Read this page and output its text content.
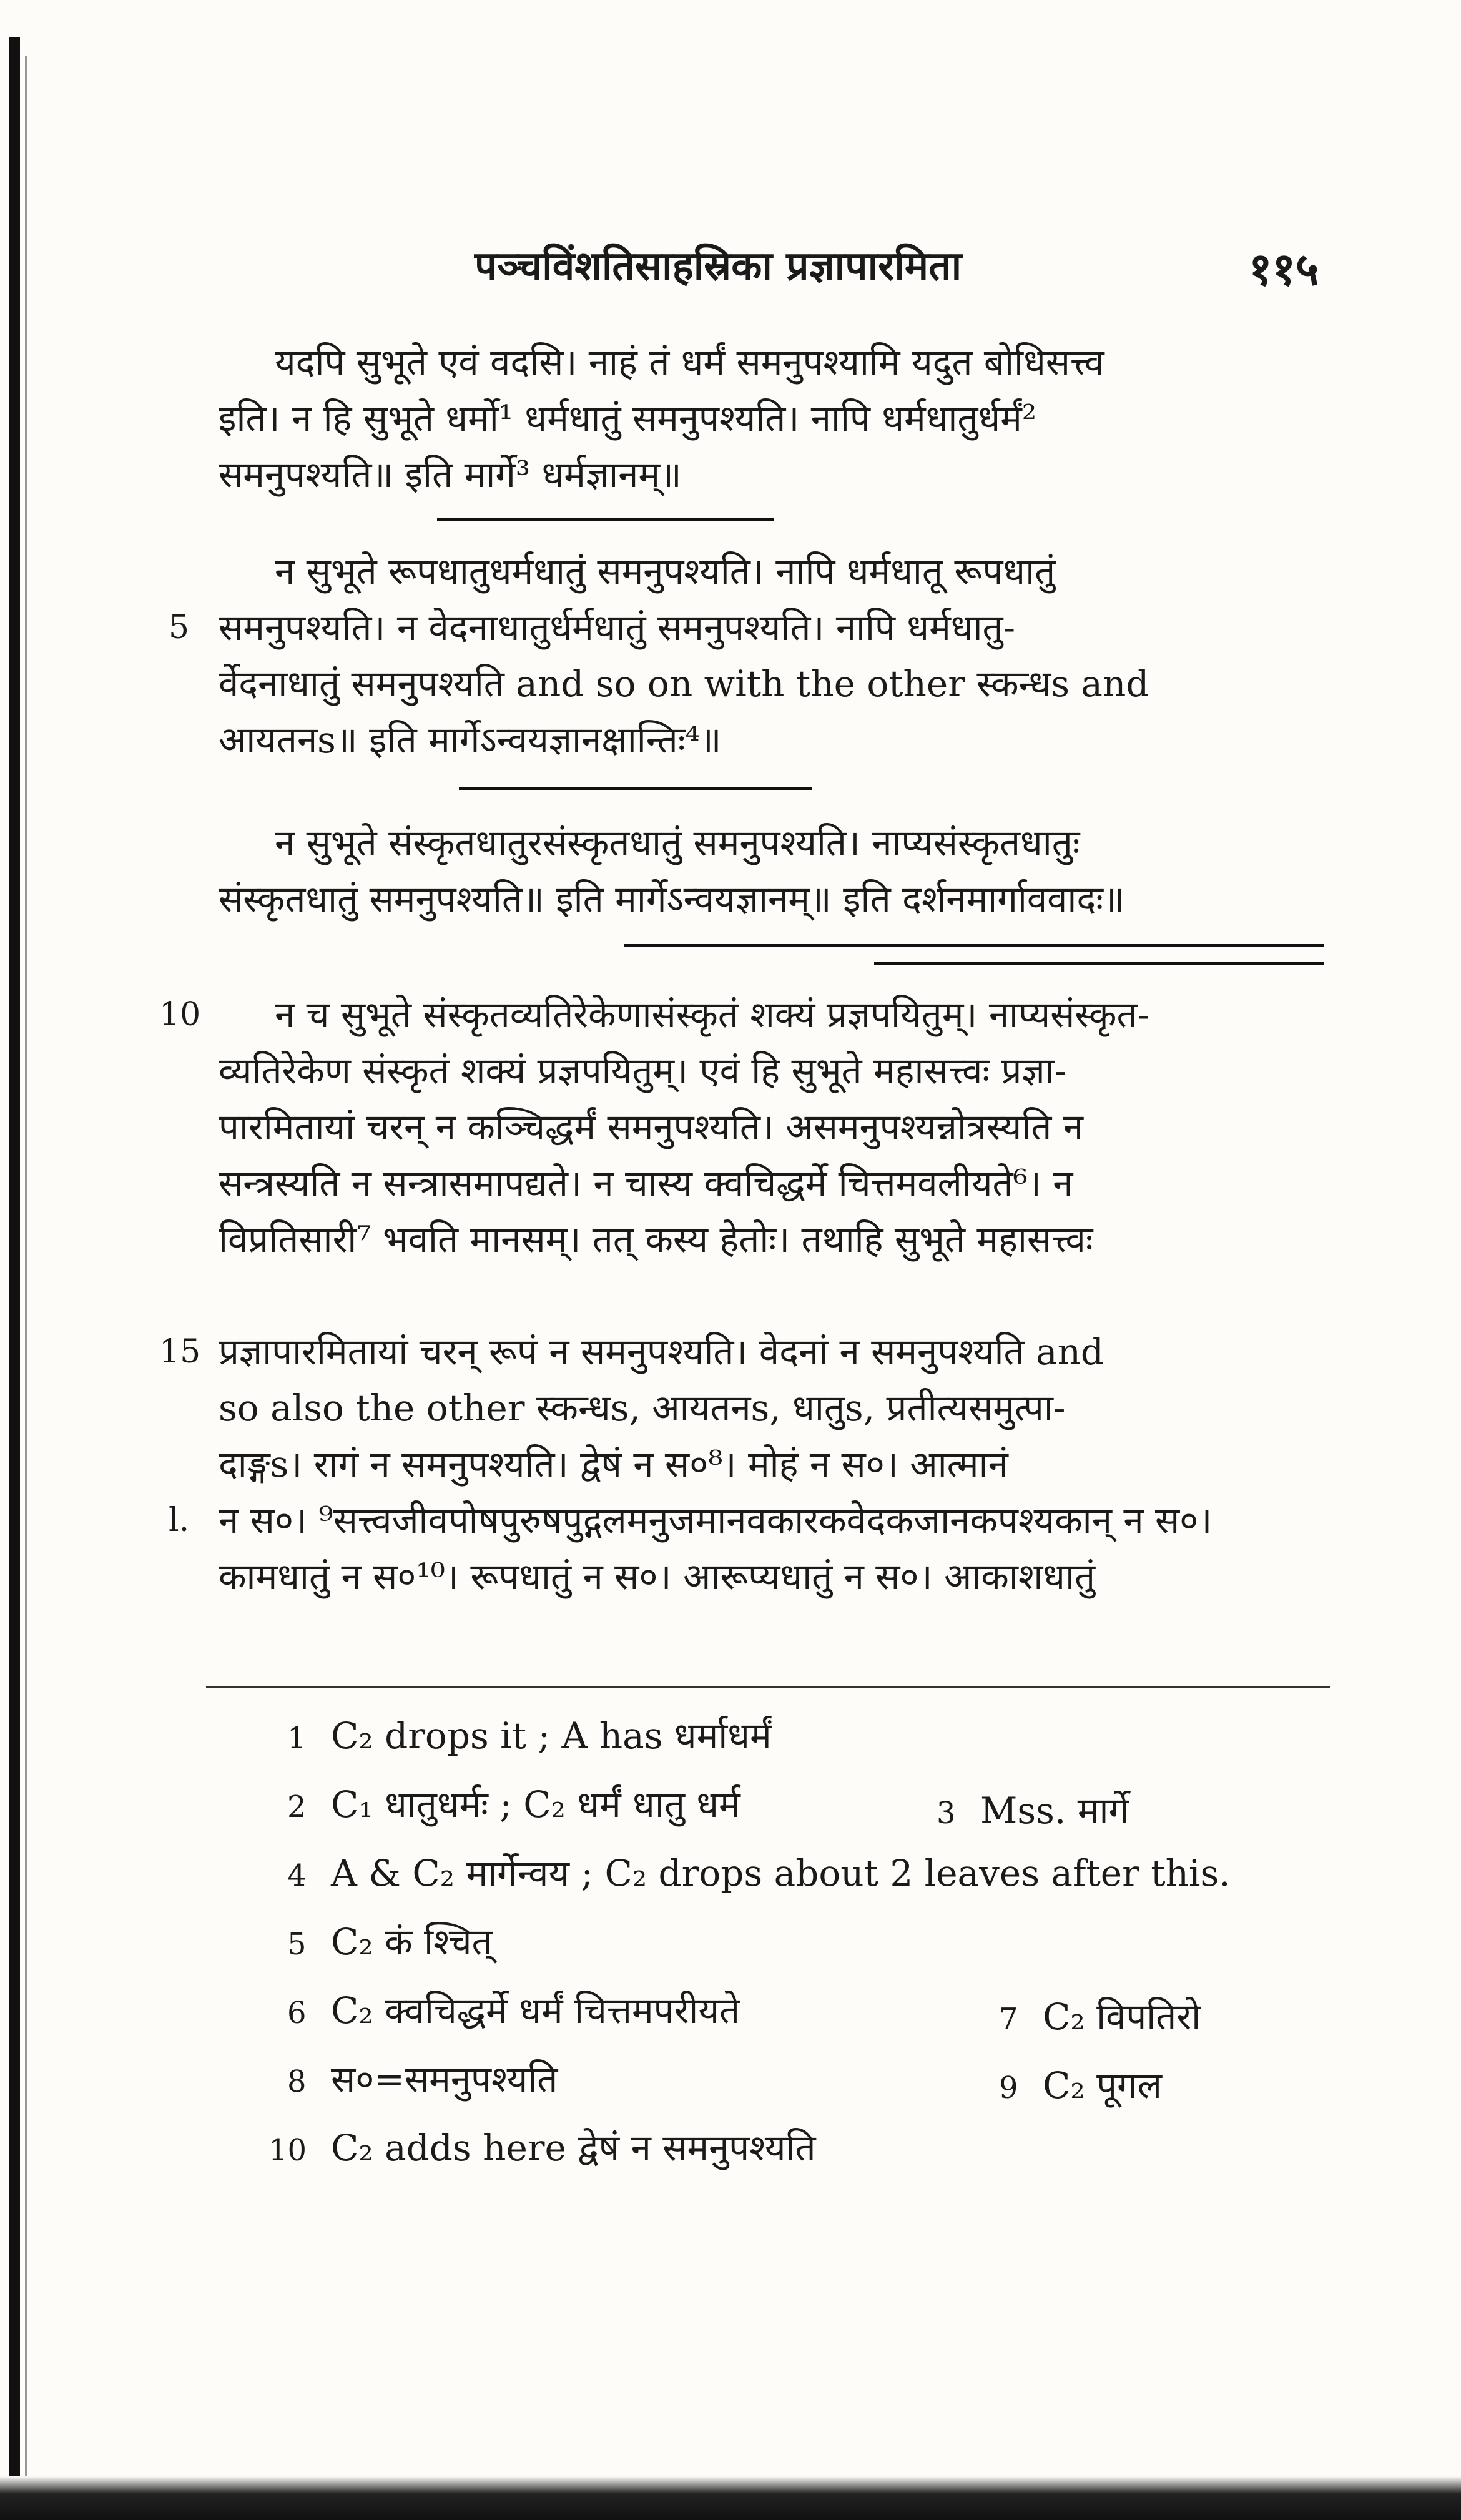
पञ्चविंशतिसाहस्रिका प्रज्ञापारमिता	११५
यदपि सुभूते एवं वदसि। नाहं तं धर्मं समनुपश्यामि यदुत बोधिसत्त्व
इति। न हि सुभूते धर्मो¹ धर्मधातुं समनुपश्यति। नापि धर्मधातुर्धर्मं²
समनुपश्यति॥ इति मार्गे³ धर्मज्ञानम्॥
न सुभूते रूपधातुधर्मधातुं समनुपश्यति। नापि धर्मधातू रूपधातुं
5 समनुपश्यति। न वेदनाधातुर्धर्मधातुं समनुपश्यति। नापि धर्मधातु-
र्वेदनाधातुं समनुपश्यति and so on with the other स्कन्धs and
आयतनs॥ इति मार्गेऽन्वयज्ञानक्षान्तिः⁴॥
न सुभूते संस्कृतधातुरसंस्कृतधातुं समनुपश्यति। नाप्यसंस्कृतधातुः
संस्कृतधातुं समनुपश्यति॥ इति मार्गेऽन्वयज्ञानम्॥ इति दर्शनमार्गाववादः॥
10 न च सुभूते संस्कृतव्यतिरेकेणासंस्कृतं शक्यं प्रज्ञपयितुम्। नाप्यसंस्कृत-
व्यतिरेकेण संस्कृतं शक्यं प्रज्ञपयितुम्। एवं हि सुभूते महासत्त्वः प्रज्ञा-
पारमितायां चरन् न कञ्चिद्धर्मं समनुपश्यति। असमनुपश्यन्नोत्रस्यति न
सन्त्रस्यति न सन्त्रासमापद्यते। न चास्य क्वचिद्धर्मे चित्तमवलीयते⁶। न
विप्रतिसारी⁷ भवति मानसम्। तत् कस्य हेतोः। तथाहि सुभूते महासत्त्वः
15 प्रज्ञापारमितायां चरन् रूपं न समनुपश्यति। वेदनां न समनुपश्यति and
so also the other स्कन्धs, आयतनs, धातुs, प्रतीत्यसमुत्पा-
दाङ्गs। रागं न समनुपश्यति। द्वेषं न स०⁸। मोहं न स०। आत्मानं
l. न स०। ⁹सत्त्वजीवपोषपुरुषपुद्गलमनुजमानवकारकवेदकजानकपश्यकान् न स०।
कामधातुं न स०¹⁰। रूपधातुं न स०। आरूप्यधातुं न स०। आकाशधातुं
1 C₂ drops it ; A has धर्माधर्मं
2 C₁ धातुधर्मः ; C₂ धर्मं धातु धर्म	3 Mss. मार्गे
4 A & C₂ मार्गेन्वय ; C₂ drops about 2 leaves after this.
5 C₂ कं श्चित्
6 C₂ क्वचिद्धर्मे धर्मं चित्तमपरीयते	7 C₂ विपतिरो
8 स०=समनुपश्यति	9 C₂ पूगल
10 C₂ adds here द्वेषं न समनुपश्यति
